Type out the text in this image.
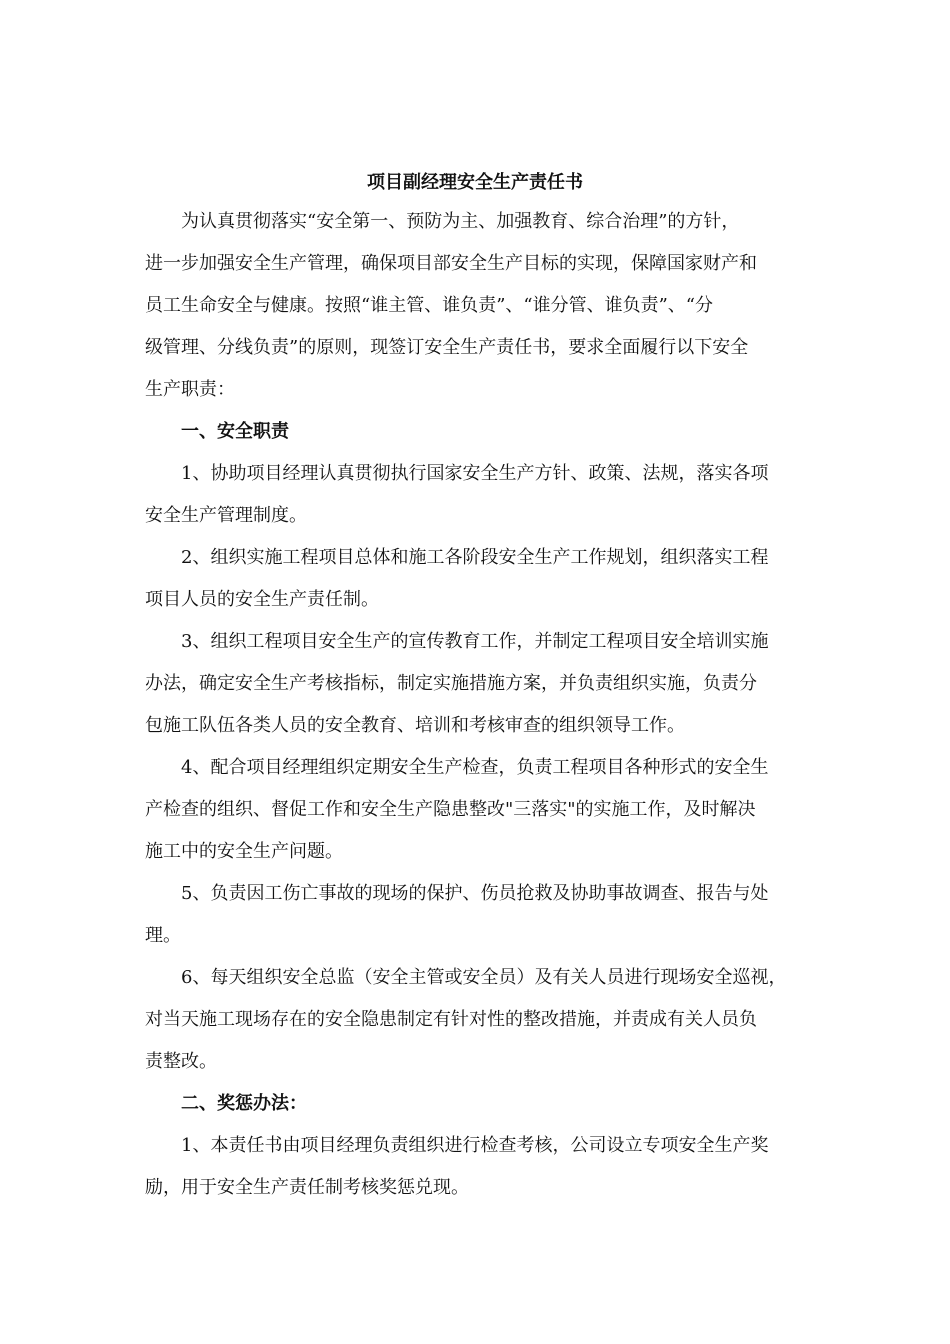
项目副经理安全生产责任书
为认真贯彻落实“安全第一、预防为主、加强教育、综合治理”的方针，
进一步加强安全生产管理，确保项目部安全生产目标的实现，保障国家财产和
员工生命安全与健康。按照“谁主管、谁负责”、“谁分管、谁负责”、“分
级管理、分线负责”的原则，现签订安全生产责任书，要求全面履行以下安全
生产职责：
一、安全职责
1、协助项目经理认真贯彻执行国家安全生产方针、政策、法规，落实各项
安全生产管理制度。
2、组织实施工程项目总体和施工各阶段安全生产工作规划，组织落实工程
项目人员的安全生产责任制。
3、组织工程项目安全生产的宣传教育工作，并制定工程项目安全培训实施
办法，确定安全生产考核指标，制定实施措施方案，并负责组织实施，负责分
包施工队伍各类人员的安全教育、培训和考核审查的组织领导工作。
4、配合项目经理组织定期安全生产检查，负责工程项目各种形式的安全生
产检查的组织、督促工作和安全生产隐患整改"三落实"的实施工作，及时解决
施工中的安全生产问题。
5、负责因工伤亡事故的现场的保护、伤员抢救及协助事故调查、报告与处
理。
6、每天组织安全总监（安全主管或安全员）及有关人员进行现场安全巡视，
对当天施工现场存在的安全隐患制定有针对性的整改措施，并责成有关人员负
责整改。
二、奖惩办法：
1、本责任书由项目经理负责组织进行检查考核，公司设立专项安全生产奖
励，用于安全生产责任制考核奖惩兑现。
